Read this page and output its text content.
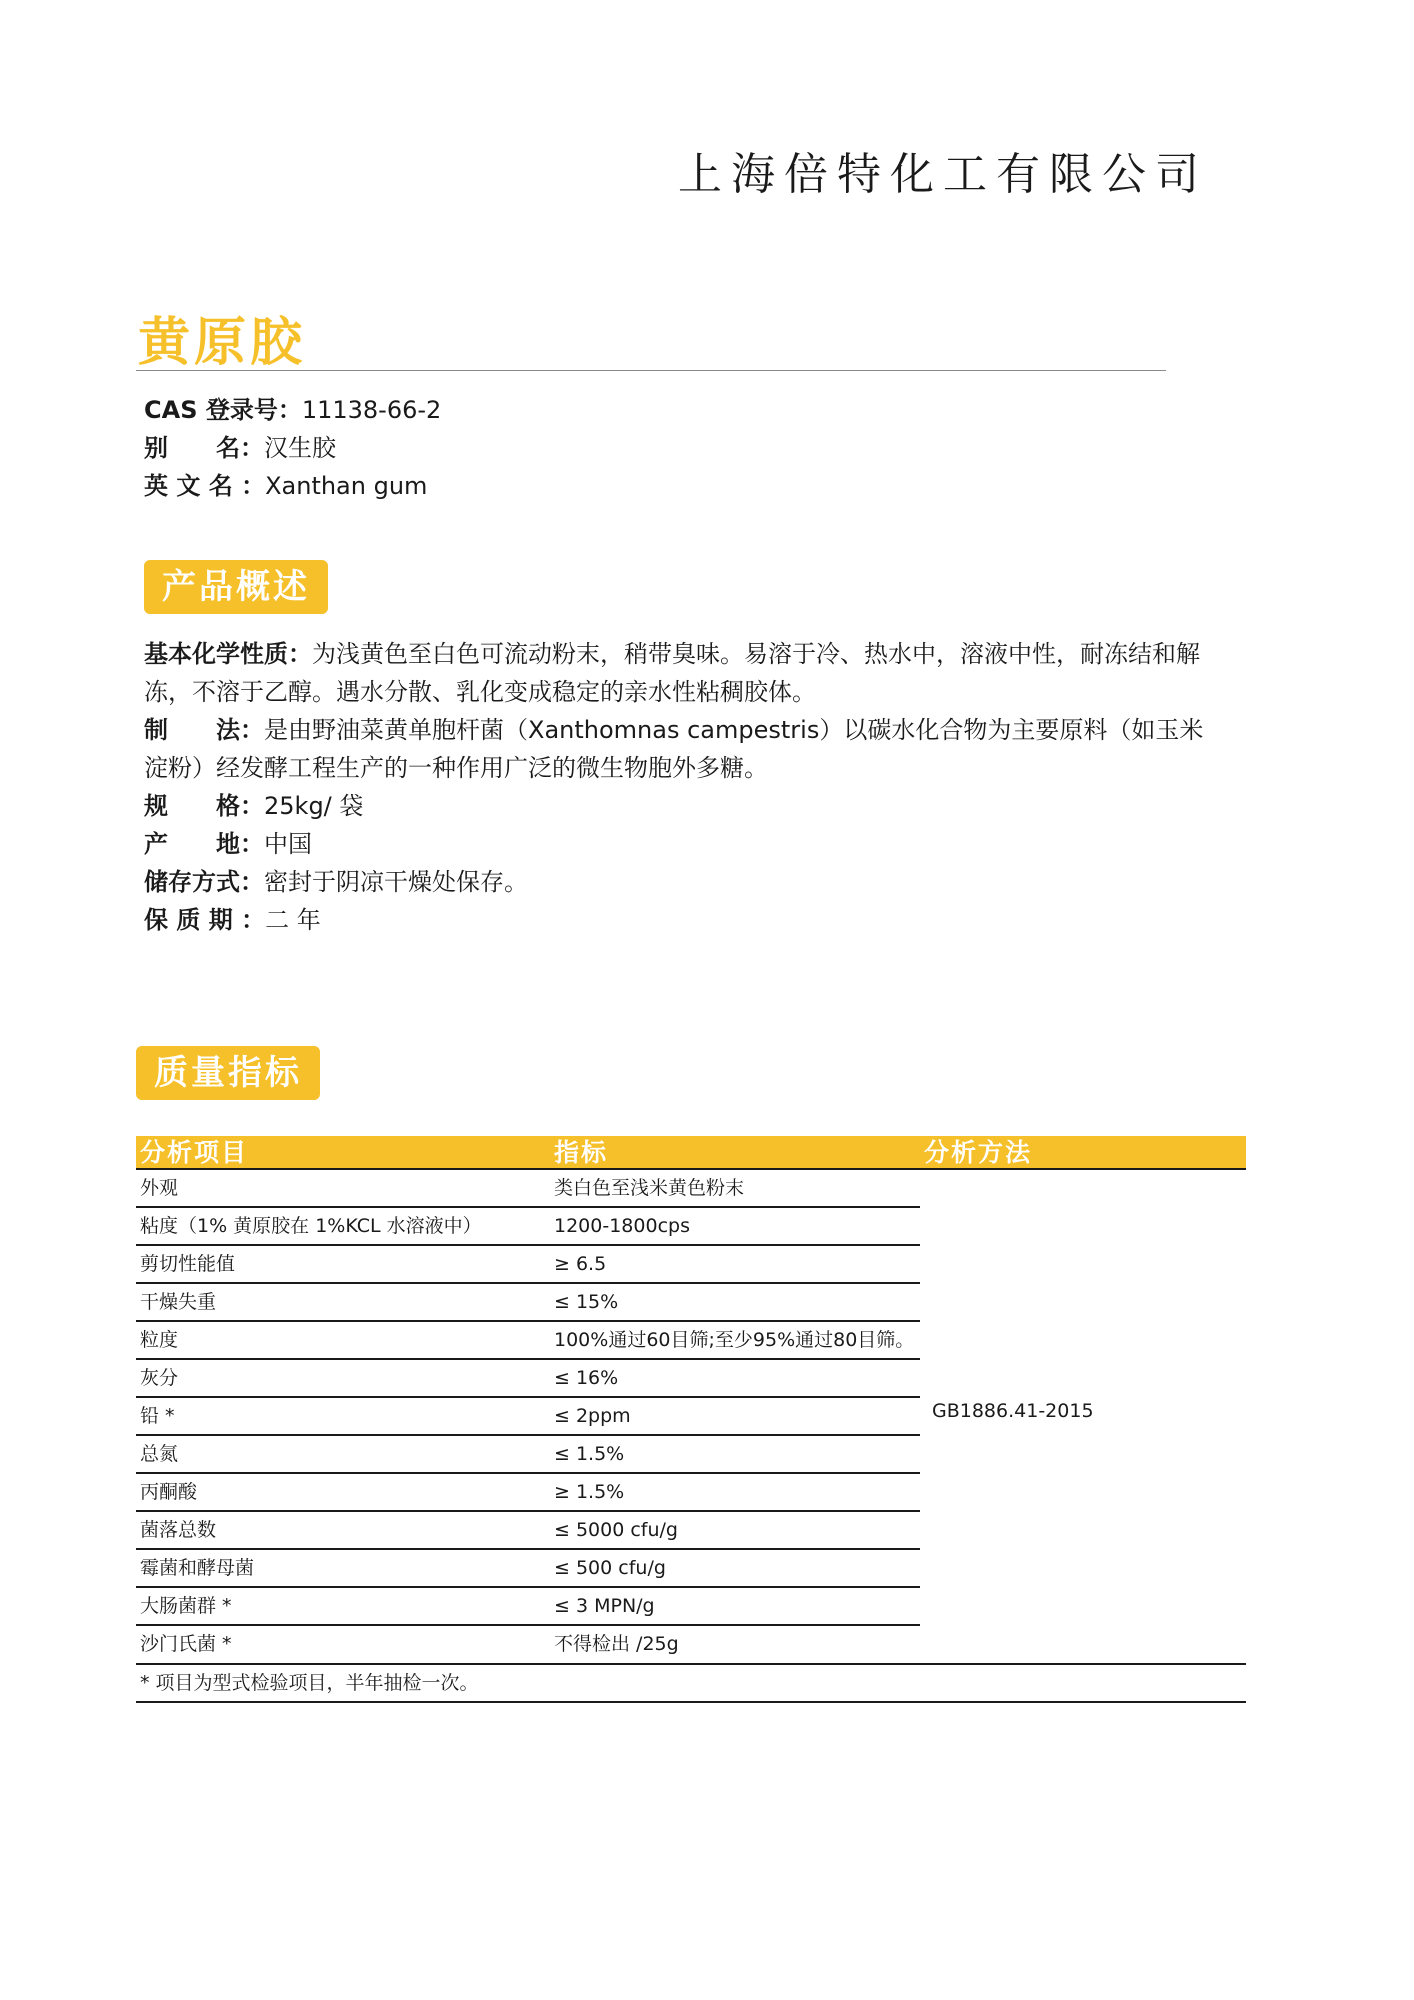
上海倍特化工有限公司
黄原胶
CAS 登录号：11138-66-2
别　　名：汉生胶
英 文 名 ：Xanthan gum
产品概述

基本化学性质：为浅黄色至白色可流动粉末，稍带臭味。易溶于冷、热水中，溶液中性，耐冻结和解冻，不溶于乙醇。遇水分散、乳化变成稳定的亲水性粘稠胶体。

制　　法：是由野油菜黄单胞杆菌（Xanthomnas campestris）以碳水化合物为主要原料（如玉米淀粉）经发酵工程生产的一种作用广泛的微生物胞外多糖。

规　　格：25kg/ 袋

产　　地：中国

储存方式：密封于阴凉干燥处保存。

保 质 期 ：二 年

质量指标
分析项目	指标	分析方法
外观	类白色至浅米黄色粉末
粘度（1% 黄原胶在 1%KCL 水溶液中）	1200-1800cps
剪切性能值	≥ 6.5
干燥失重	≤ 15%
粒度	100%通过60目筛;至少95%通过80目筛。
灰分	≤ 16%
铅 *	≤ 2ppm
总氮	≤ 1.5%
丙酮酸	≥ 1.5%
菌落总数	≤ 5000 cfu/g
霉菌和酵母菌	≤ 500 cfu/g
大肠菌群 *	≤ 3 MPN/g
沙门氏菌 *	不得检出 /25g
GB1886.41-2015
* 项目为型式检验项目，半年抽检一次。
